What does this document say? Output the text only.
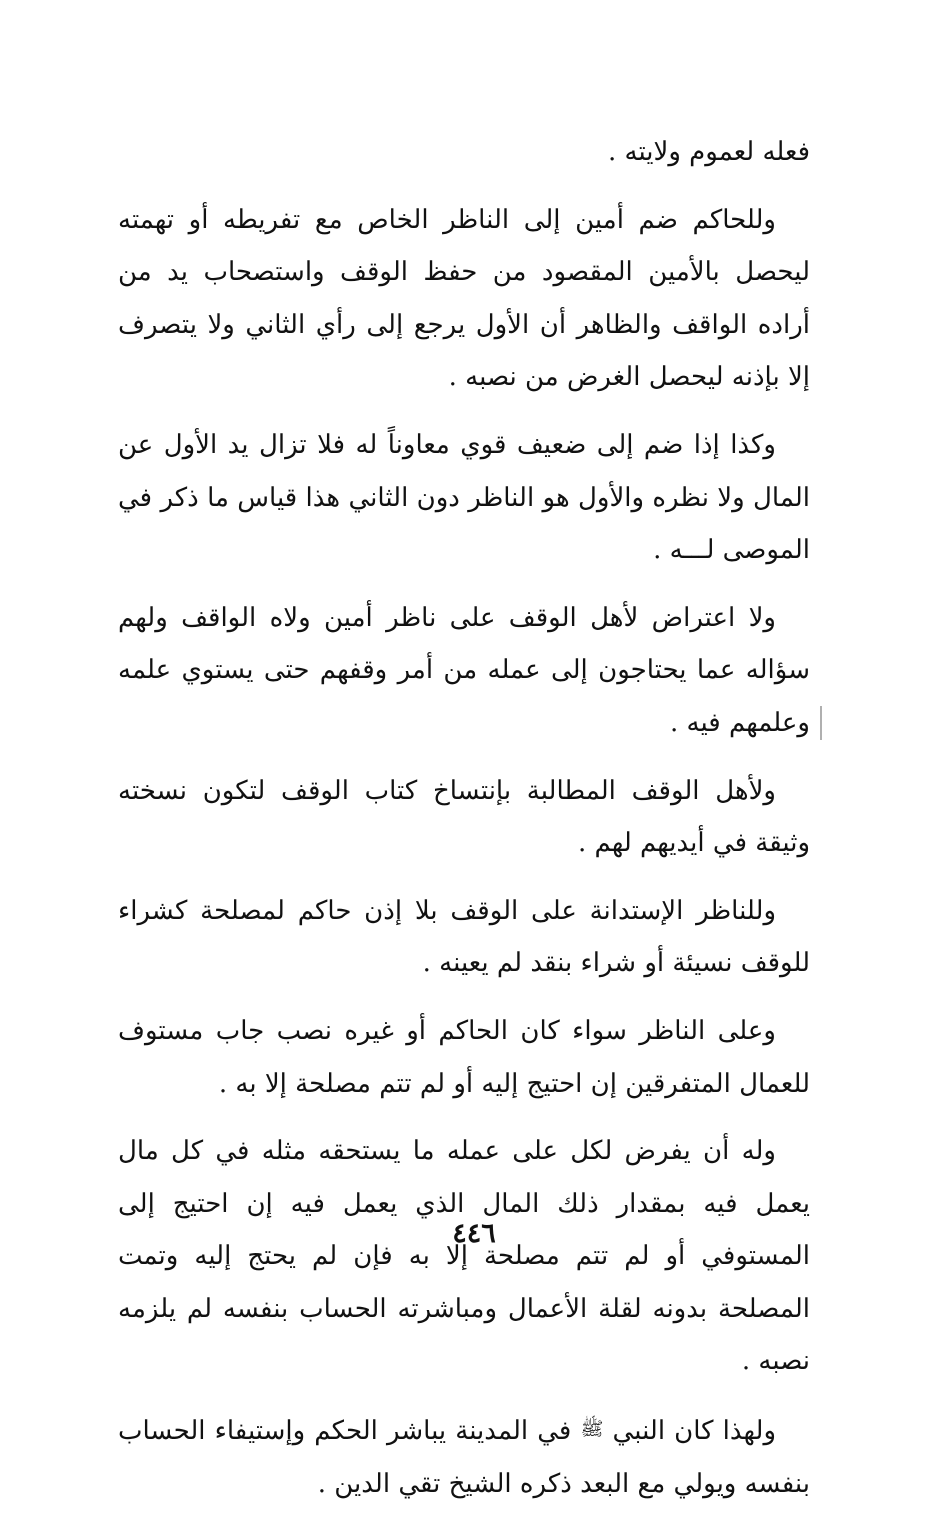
فعله لعموم ولايته .

وللحاكم ضم أمين إلى الناظر الخاص مع تفريطه أو تهمته ليحصل بالأمين المقصود من حفظ الوقف واستصحاب يد من أراده الواقف والظاهر أن الأول يرجع إلى رأي الثاني ولا يتصرف إلا بإذنه ليحصل الغرض من نصبه .

وكذا إذا ضم إلى ضعيف قوي معاوناً له فلا تزال يد الأول عن المال ولا نظره والأول هو الناظر دون الثاني هذا قياس ما ذكر في الموصى لـــه .

ولا اعتراض لأهل الوقف على ناظر أمين ولاه الواقف ولهم سؤاله عما يحتاجون إلى عمله من أمر وقفهم حتى يستوي علمه وعلمهم فيه .

ولأهل الوقف المطالبة بإنتساخ كتاب الوقف لتكون نسخته وثيقة في أيديهم لهم .

وللناظر الإستدانة على الوقف بلا إذن حاكم لمصلحة كشراء للوقف نسيئة أو شراء بنقد لم يعينه .

وعلى الناظر سواء كان الحاكم أو غيره نصب جاب مستوف للعمال المتفرقين إن احتيج إليه أو لم تتم مصلحة إلا به .

وله أن يفرض لكل على عمله ما يستحقه مثله في كل مال يعمل فيه بمقدار ذلك المال الذي يعمل فيه إن احتيج إلى المستوفي أو لم تتم مصلحة إلا به فإن لم يحتج إليه وتمت المصلحة بدونه لقلة الأعمال ومباشرته الحساب بنفسه لم يلزمه نصبه .

ولهذا كان النبي ﷺ في المدينة يباشر الحكم وإستيفاء الحساب بنفسه ويولي مع البعد ذكره الشيخ تقي الدين .

٤٤٦
